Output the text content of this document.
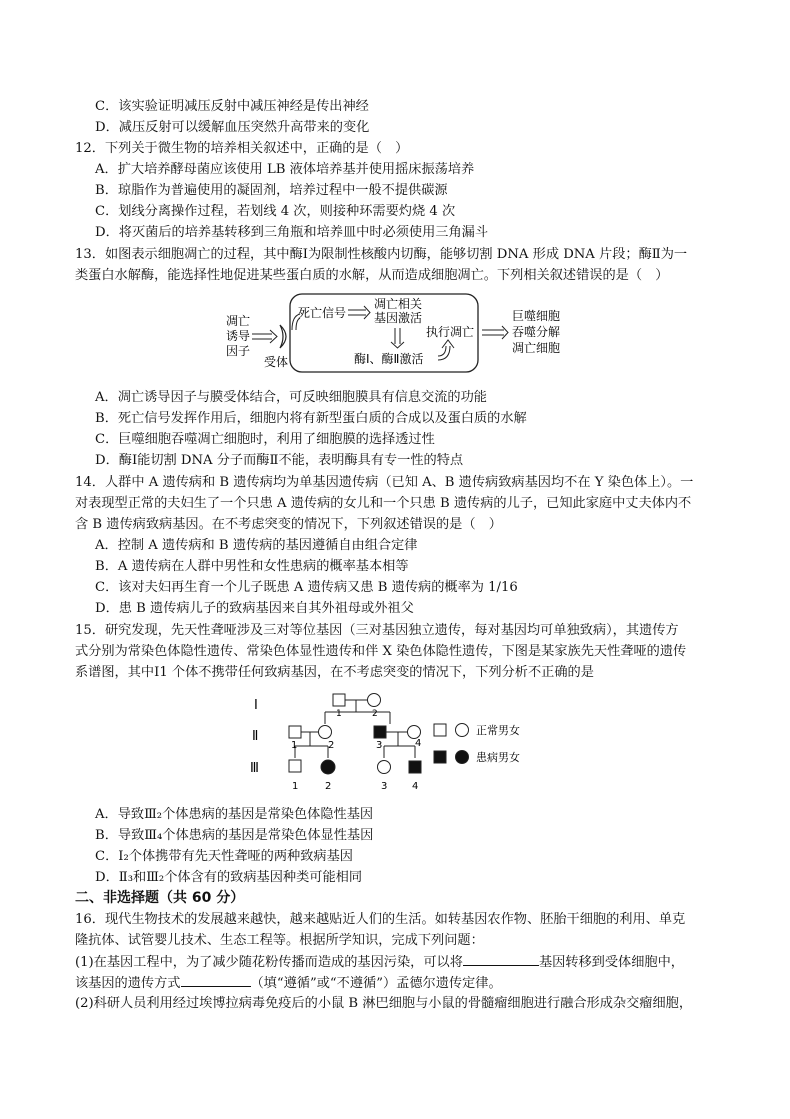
C．该实验证明减压反射中减压神经是传出神经
D．减压反射可以缓解血压突然升高带来的变化
12．下列关于微生物的培养相关叙述中，正确的是（　）
A．扩大培养酵母菌应该使用 LB 液体培养基并使用摇床振荡培养
B．琼脂作为普遍使用的凝固剂，培养过程中一般不提供碳源
C．划线分离操作过程，若划线 4 次，则接种环需要灼烧 4 次
D．将灭菌后的培养基转移到三角瓶和培养皿中时必须使用三角漏斗
13．如图表示细胞凋亡的过程，其中酶Ⅰ为限制性核酸内切酶，能够切割 DNA 形成 DNA 片段；酶Ⅱ为一
类蛋白水解酶，能选择性地促进某些蛋白质的水解，从而造成细胞凋亡。下列相关叙述错误的是（　）
凋亡
诱导
因子
受体
死亡信号
凋亡相关
基因激活
酶Ⅰ、酶Ⅱ激活
执行凋亡
巨噬细胞
吞噬分解
凋亡细胞
A．凋亡诱导因子与膜受体结合，可反映细胞膜具有信息交流的功能
B．死亡信号发挥作用后，细胞内将有新型蛋白质的合成以及蛋白质的水解
C．巨噬细胞吞噬凋亡细胞时，利用了细胞膜的选择透过性
D．酶Ⅰ能切割 DNA 分子而酶Ⅱ不能，表明酶具有专一性的特点
14．人群中 A 遗传病和 B 遗传病均为单基因遗传病（已知 A、B 遗传病致病基因均不在 Y 染色体上）。一
对表现型正常的夫妇生了一个只患 A 遗传病的女儿和一个只患 B 遗传病的儿子，已知此家庭中丈夫体内不
含 B 遗传病致病基因。在不考虑突变的情况下，下列叙述错误的是（　）
A．控制 A 遗传病和 B 遗传病的基因遵循自由组合定律
B．A 遗传病在人群中男性和女性患病的概率基本相等
C．该对夫妇再生育一个儿子既患 A 遗传病又患 B 遗传病的概率为 1/16
D．患 B 遗传病儿子的致病基因来自其外祖母或外祖父
15．研究发现，先天性聋哑涉及三对等位基因（三对基因独立遗传，每对基因均可单独致病），其遗传方
式分别为常染色体隐性遗传、常染色体显性遗传和伴 X 染色体隐性遗传，下图是某家族先天性聋哑的遗传
系谱图，其中Ⅰ1 个体不携带任何致病基因，在不考虑突变的情况下，下列分析不正确的是
Ⅰ
Ⅱ
Ⅲ
1	2
1	2	3	4
1	2	3 4
正常男女
患病男女
A．导致Ⅲ₂个体患病的基因是常染色体隐性基因
B．导致Ⅲ₄个体患病的基因是常染色体显性基因
C．Ⅰ₂个体携带有先天性聋哑的两种致病基因
D．Ⅱ₃和Ⅲ₂个体含有的致病基因种类可能相同
二、非选择题（共 60 分）
16．现代生物技术的发展越来越快，越来越贴近人们的生活。如转基因农作物、胚胎干细胞的利用、单克
隆抗体、试管婴儿技术、生态工程等。根据所学知识，完成下列问题：
(1)在基因工程中，为了减少随花粉传播而造成的基因污染，可以将	基因转移到受体细胞中，
该基因的遗传方式	（填“遵循”或“不遵循”）孟德尔遗传定律。
(2)科研人员利用经过埃博拉病毒免疫后的小鼠 B 淋巴细胞与小鼠的骨髓瘤细胞进行融合形成杂交瘤细胞，
